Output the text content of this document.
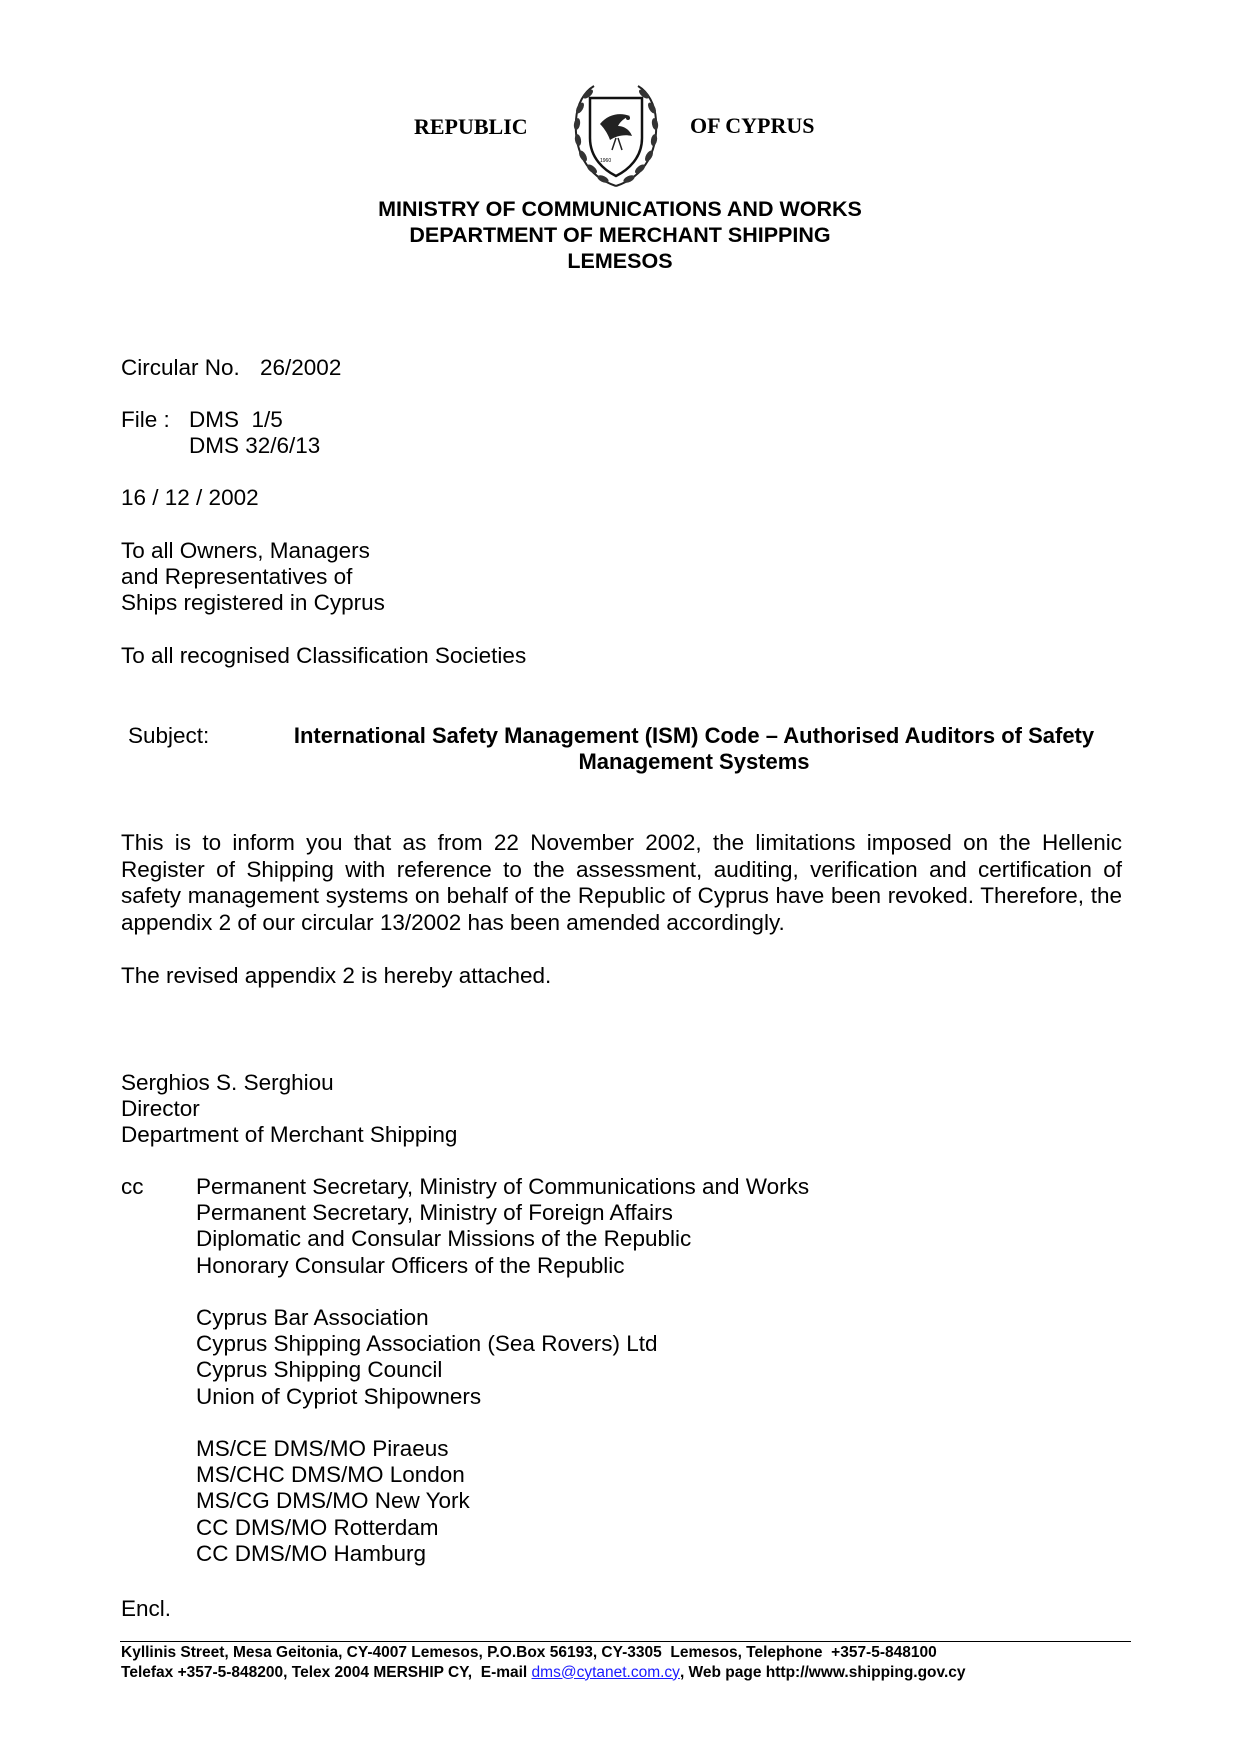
REPUBLIC
1960
OF CYPRUS
MINISTRY OF COMMUNICATIONS AND WORKS
DEPARTMENT OF MERCHANT SHIPPING
LEMESOS
Circular No. 26/2002
File : DMS  1/5
DMS 32/6/13
16 / 12 / 2002
To all Owners, Managers
and Representatives of
Ships registered in Cyprus
To all recognised Classification Societies
Subject:	International Safety Management (ISM) Code – Authorised Auditors of Safety
Management Systems
This is to inform you that as from 22 November 2002, the limitations imposed on the Hellenic Register of Shipping with reference to the assessment, auditing, verification and certification of safety management systems on behalf of the Republic of Cyprus have been revoked. Therefore, the appendix 2 of our circular 13/2002 has been amended accordingly.
The revised appendix 2 is hereby attached.
Serghios S. Serghiou
Director
Department of Merchant Shipping
cc Permanent Secretary, Ministry of Communications and Works
Permanent Secretary, Ministry of Foreign Affairs
Diplomatic and Consular Missions of the Republic
Honorary Consular Officers of the Republic
Cyprus Bar Association
Cyprus Shipping Association (Sea Rovers) Ltd
Cyprus Shipping Council
Union of Cypriot Shipowners
MS/CE DMS/MO Piraeus
MS/CHC DMS/MO London
MS/CG DMS/MO New York
CC DMS/MO Rotterdam
CC DMS/MO Hamburg
Encl.
Kyllinis Street, Mesa Geitonia, CY-4007 Lemesos, P.O.Box 56193, CY-3305  Lemesos, Telephone  +357-5-848100
Telefax +357-5-848200, Telex 2004 MERSHIP CY,  E-mail dms@cytanet.com.cy, Web page http://www.shipping.gov.cy
